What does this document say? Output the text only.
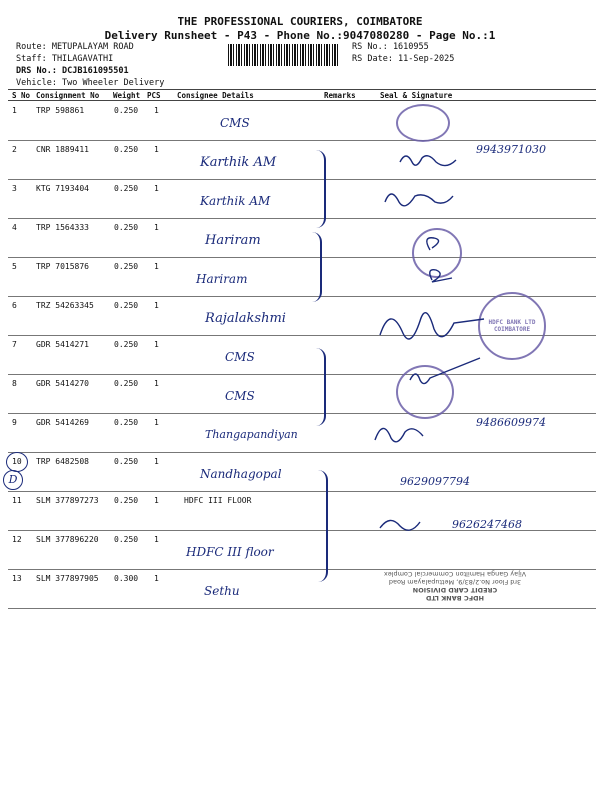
THE PROFESSIONAL COURIERS, COIMBATORE
Delivery Runsheet - P43 - Phone No.:9047080280 - Page No.:1
Route: METUPALAYAM ROAD
Staff: THILAGAVATHI
DRS No.: DCJB161095501
Vehicle: Two Wheeler Delivery
RS No.: 1610955
RS Date: 11-Sep-2025
S No Consignment No Weight PCS Consignee Details	Remarks	Seal & Signature
1 TRP 598861	0.250 1
CMS
2 CNR 1889411	0.250 1
Karthik AM
9943971030
3 KTG 7193404	0.250 1
Karthik AM
4 TRP 1564333	0.250 1
Hariram
5 TRP 7015876	0.250 1
Hariram
6 TRZ 54263345	0.250 1
Rajalakshmi
7 GDR 5414271	0.250 1
CMS
8 GDR 5414270	0.250 1
CMS
9 GDR 5414269	0.250 1
Thangapandiyan
9486609974
10 TRP 6482508	0.250 1
Nandhagopal
9629097794
11 SLM 377897273 0.250 1	HDFC III FLOOR
9626247468
12 SLM 377896220 0.250 1
HDFC III floor
13 SLM 377897905 0.300 1
Sethu
HDFC BANK LTD
COIMBATORE
HDFC BANK LTD
CREDIT CARD DIVISION
3rd Floor No.2/83/9, Mettupalayam Road
Vijay Ganga Hamilton Commercial Complex
D
